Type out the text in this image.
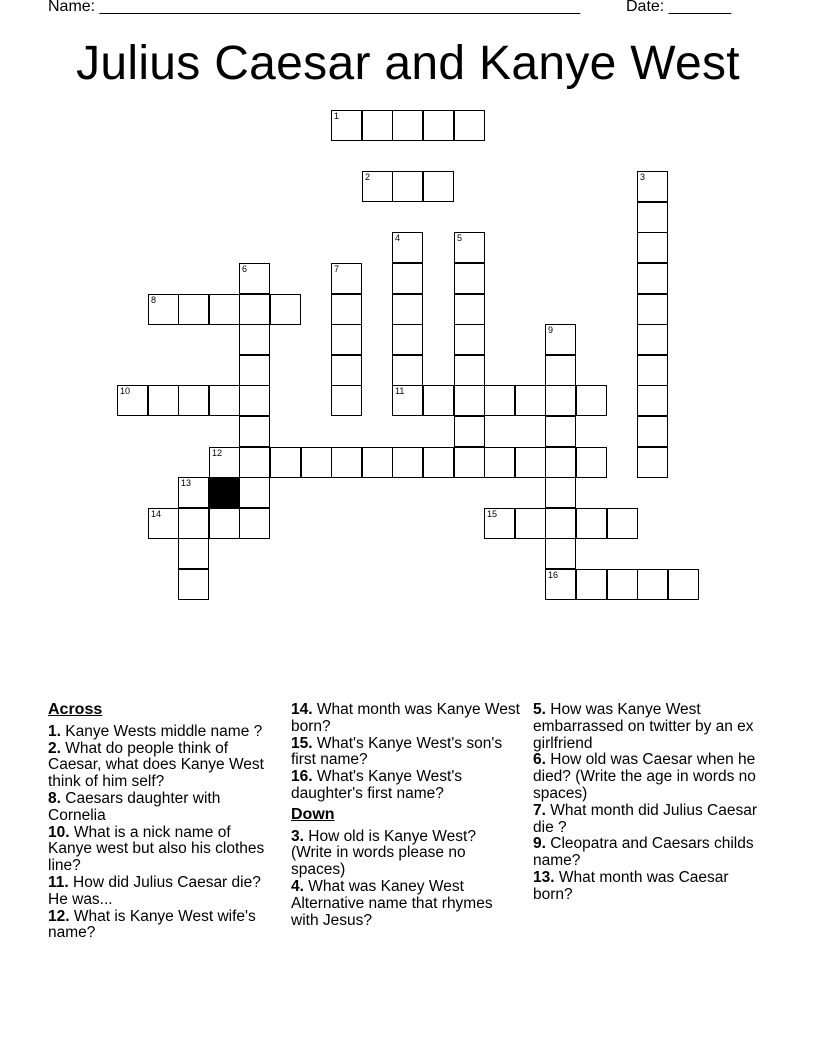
Name: ______________________________________________________	Date: _______
Julius Caesar and Kanye West
1
2	3
4	5
6	7
8
9
10	11
12
13
14	15
16
Across
1. Kanye Wests middle name ?
2. What do people think of Caesar, what does Kanye West think of him self?
8. Caesars daughter with Cornelia
10. What is a nick name of Kanye west but also his clothes line?
11. How did Julius Caesar die? He was...
12. What is Kanye West wife's name?
14. What month was Kanye West born?
15. What's Kanye West's son's first name?
16. What's Kanye West's daughter's first name?
Down
3. How old is Kanye West? (Write in words please no spaces)
4. What was Kaney West Alternative name that rhymes with Jesus?
5. How was Kanye West embarrassed on twitter by an ex girlfriend
6. How old was Caesar when he died? (Write the age in words no spaces)
7. What month did Julius Caesar die ?
9. Cleopatra and Caesars childs name?
13. What month was Caesar born?
